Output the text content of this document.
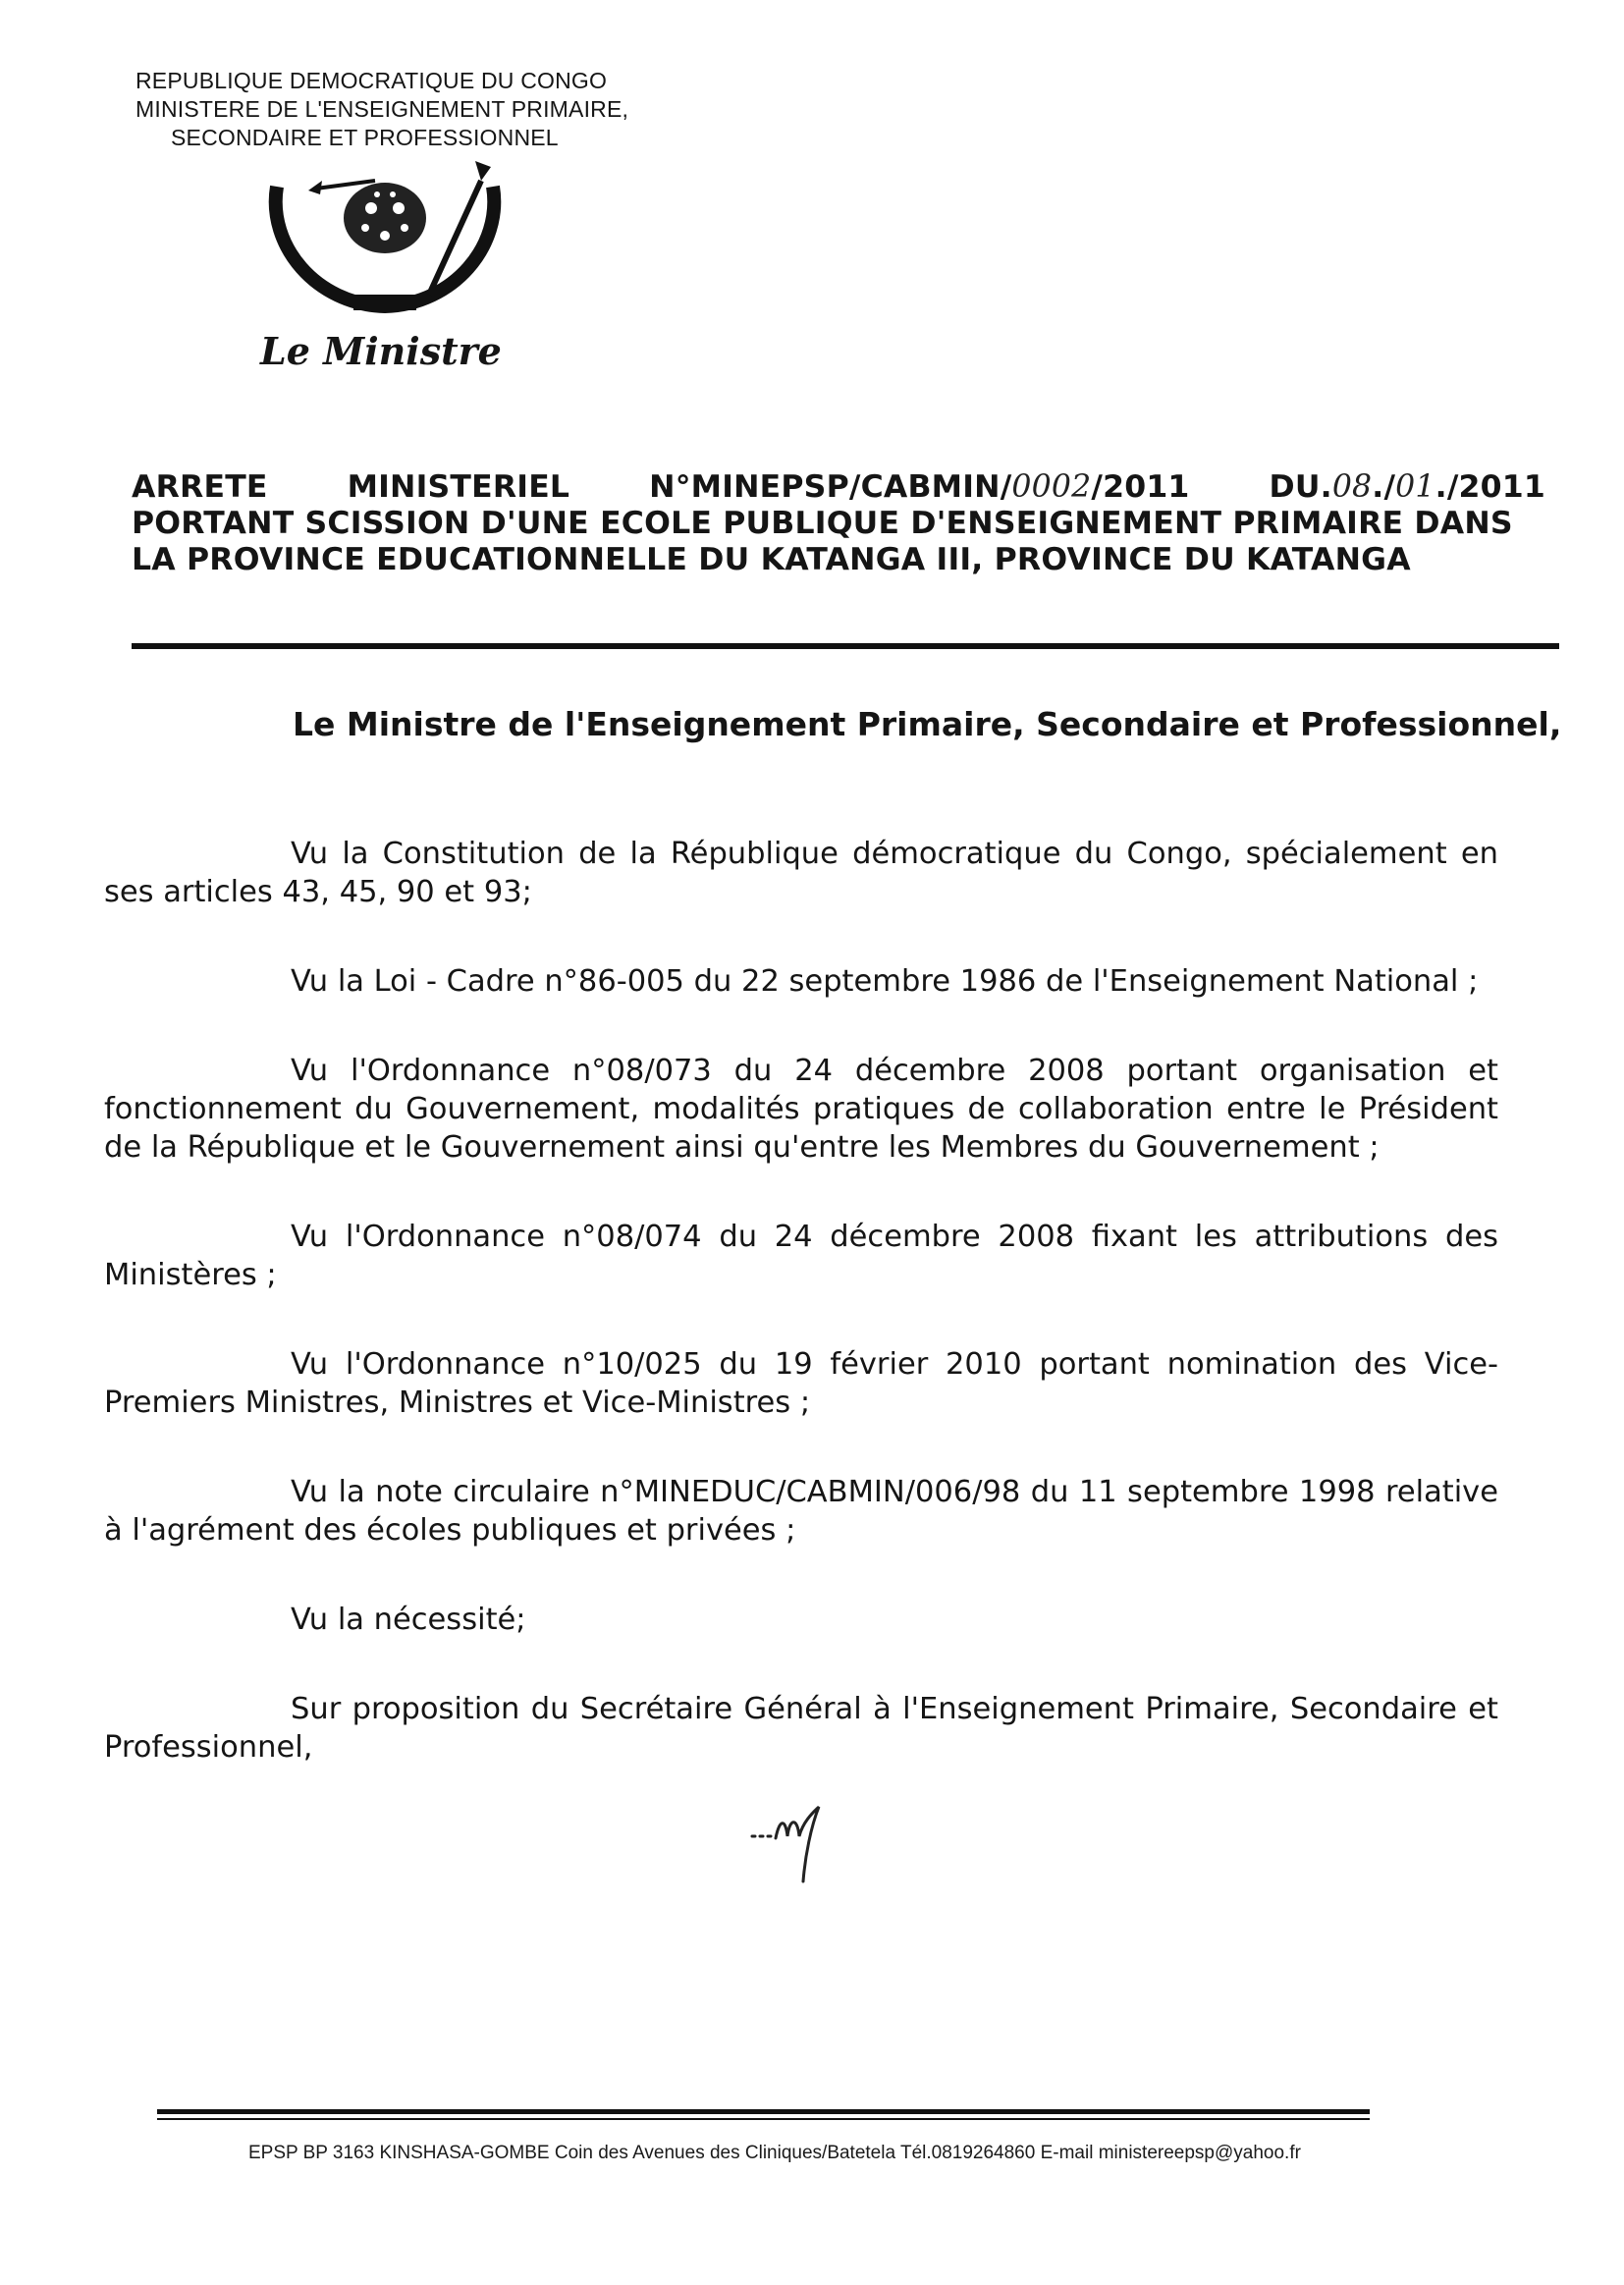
REPUBLIQUE DEMOCRATIQUE DU CONGO
MINISTERE DE L'ENSEIGNEMENT PRIMAIRE,
SECONDAIRE ET PROFESSIONNEL
Le Ministre
ARRETE	MINISTERIEL	N°MINEPSP/CABMIN/0002/2011	DU.08./01./2011
PORTANT SCISSION D'UNE ECOLE PUBLIQUE D'ENSEIGNEMENT PRIMAIRE DANS
LA PROVINCE EDUCATIONNELLE DU KATANGA III, PROVINCE DU KATANGA
Le Ministre de l'Enseignement Primaire, Secondaire et Professionnel,

Vu la Constitution de la République démocratique du Congo, spécialement en ses articles 43, 45, 90 et 93;

Vu la Loi - Cadre n°86-005 du 22 septembre 1986 de l'Enseignement National ;

Vu l'Ordonnance n°08/073 du 24 décembre 2008 portant organisation et fonctionnement du Gouvernement, modalités pratiques de collaboration entre le Président de la République et le Gouvernement ainsi qu'entre les Membres du Gouvernement ;

Vu l'Ordonnance n°08/074 du 24 décembre 2008 fixant les attributions des Ministères ;

Vu l'Ordonnance n°10/025 du 19 février 2010 portant nomination des Vice-Premiers Ministres, Ministres et Vice-Ministres ;

Vu la note circulaire n°MINEDUC/CABMIN/006/98 du 11 septembre 1998 relative à l'agrément des écoles publiques et privées ;

Vu la nécessité;

Sur proposition du Secrétaire Général à l'Enseignement Primaire, Secondaire et Professionnel,

EPSP BP 3163 KINSHASA-GOMBE Coin des Avenues des Cliniques/Batetela Tél.0819264860 E-mail ministereepsp@yahoo.fr
